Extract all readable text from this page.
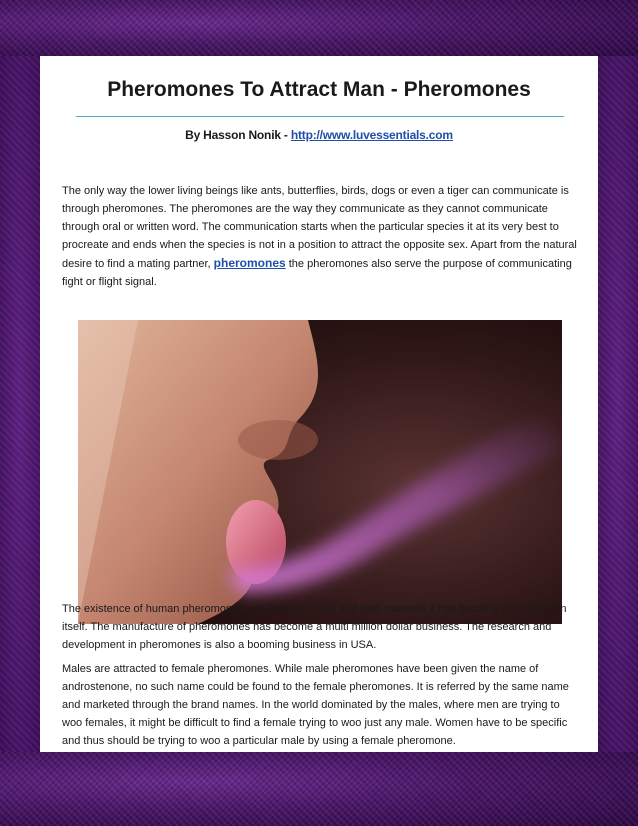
Pheromones To Attract Man - Pheromones
By Hasson Nonik - http://www.luvessentials.com

The only way the lower living beings like ants, butterflies, birds, dogs or even a tiger can communicate is through pheromones. The pheromones are the way they communicate as they cannot communicate through oral or written word. The communication starts when the particular species it at its very best to procreate and ends when the species is not in a position to attract the opposite sex. Apart from the natural desire to find a mating partner, pheromones the pheromones also serve the purpose of communicating fight or flight signal.

The existence of human pheromones was found in 1986 and then onwards it has become an industry in itself. The manufacture of pheromones has become a multi million dollar business. The research and development in pheromones is also a booming business in USA.

Males are attracted to female pheromones. While male pheromones have been given the name of androstenone, no such name could be found to the female pheromones. It is referred by the same name and marketed through the brand names. In the world dominated by the males, where men are trying to woo females, it might be difficult to find a female trying to woo just any male. Women have to be specific and thus should be trying to woo a particular male by using a female pheromone.
